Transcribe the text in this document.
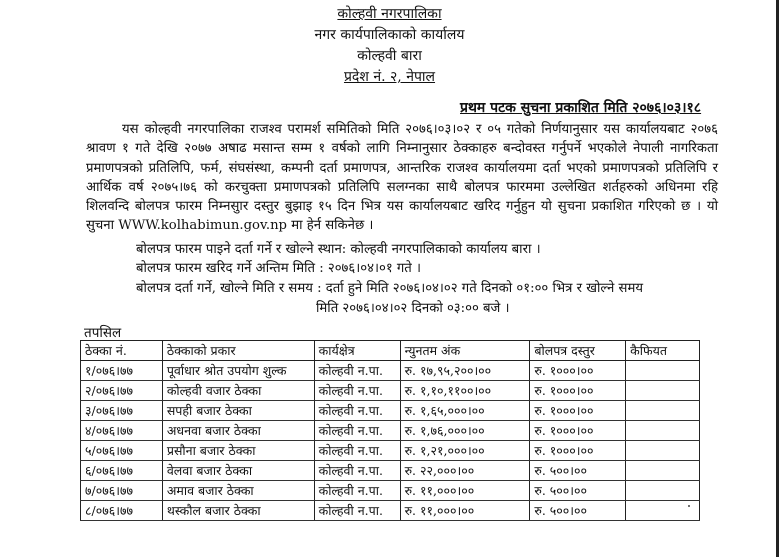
कोल्हवी नगरपालिका
नगर कार्यपालिकाको कार्यालय
कोल्हवी बारा
प्रदेश नं. २, नेपाल
प्रथम पटक सुचना प्रकाशित मिति २०७६।०३।१८

यस कोल्हवी नगरपालिका राजश्व परामर्श समितिको मिति २०७६।०३।०२ र ०५ गतेको निर्णयानुसार यस कार्यालयबाट २०७६ श्रावण १ गते देखि २०७७ अषाढ मसान्त सम्म १ वर्षको लागि निम्नानुसार ठेक्काहरु बन्दोवस्त गर्नुपर्ने भएकोले नेपाली नागरिकता प्रमाणपत्रको प्रतिलिपि, फर्म, संघसंस्था, कम्पनी दर्ता प्रमाणपत्र, आन्तरिक राजश्व कार्यालयमा दर्ता भएको प्रमाणपत्रको प्रतिलिपि र आर्थिक वर्ष २०७५।७६ को करचुक्ता प्रमाणपत्रको प्रतिलिपि सलग्नका साथै बोलपत्र फारममा उल्लेखित शर्तहरुको अधिनमा रहि शिलवन्दि बोलपत्र फारम निम्नसुार दस्तुर बुझाइ १५ दिन भित्र यस कार्यालयबाट खरिद गर्नुहुन यो सुचना प्रकाशित गरिएको छ । यो सुचना WWW.kolhabimun.gov.np मा हेर्न सकिनेछ ।

बोलपत्र फारम पाइने दर्ता गर्ने र खोल्ने स्थान: कोल्हवी नगरपालिकाको कार्यालय बारा ।
बोलपत्र फारम खरिद गर्ने अन्तिम मिति : २०७६।०४।०१ गते ।
बोलपत्र दर्ता गर्ने, खोल्ने मिति र समय : दर्ता हुने मिति २०७६।०४।०२ गते दिनको ०१:०० भित्र र खोल्ने समय
मिति २०७६।०४।०२ दिनको ०३:०० बजे ।
तपसिल
ठेक्का नं.	ठेक्काको प्रकार	कार्यक्षेत्र	न्युनतम अंक	बोलपत्र दस्तुर	कैफियत
१/०७६।७७	पूर्वाधार श्रोत उपयोग शुल्क	कोल्हवी न.पा.	रु. १७,९५,२००।००	रु. १०००।००	
२/०७६।७७	कोल्हवी वजार ठेक्का	कोल्हवी न.पा.	रु. १,१०,११००।००	रु. १०००।००	
३/०७६।७७	सपही बजार ठेक्का	कोल्हवी न.पा.	रु. १,६५,०००।००	रु. १०००।००	
४/०७६।७७	अधनवा बजार ठेक्का	कोल्हवी न.पा.	रु. १,७६,०००।००	रु. १०००।००	
५/०७६।७७	प्रसौना बजार ठेक्का	कोल्हवी न.पा.	रु. १,२१,०००।००	रु. १०००।००	
६/०७६।७७	वेलवा बजार ठेक्का	कोल्हवी न.पा.	रु. २२,०००।००	रु. ५००।००	
७/०७६।७७	अमाव बजार ठेक्का	कोल्हवी न.पा.	रु. ११,०००।००	रु. ५००।००	
८/०७६।७७	थस्कौल बजार ठेक्का	कोल्हवी न.पा.	रु. ११,०००।००	रु. ५००।००	
